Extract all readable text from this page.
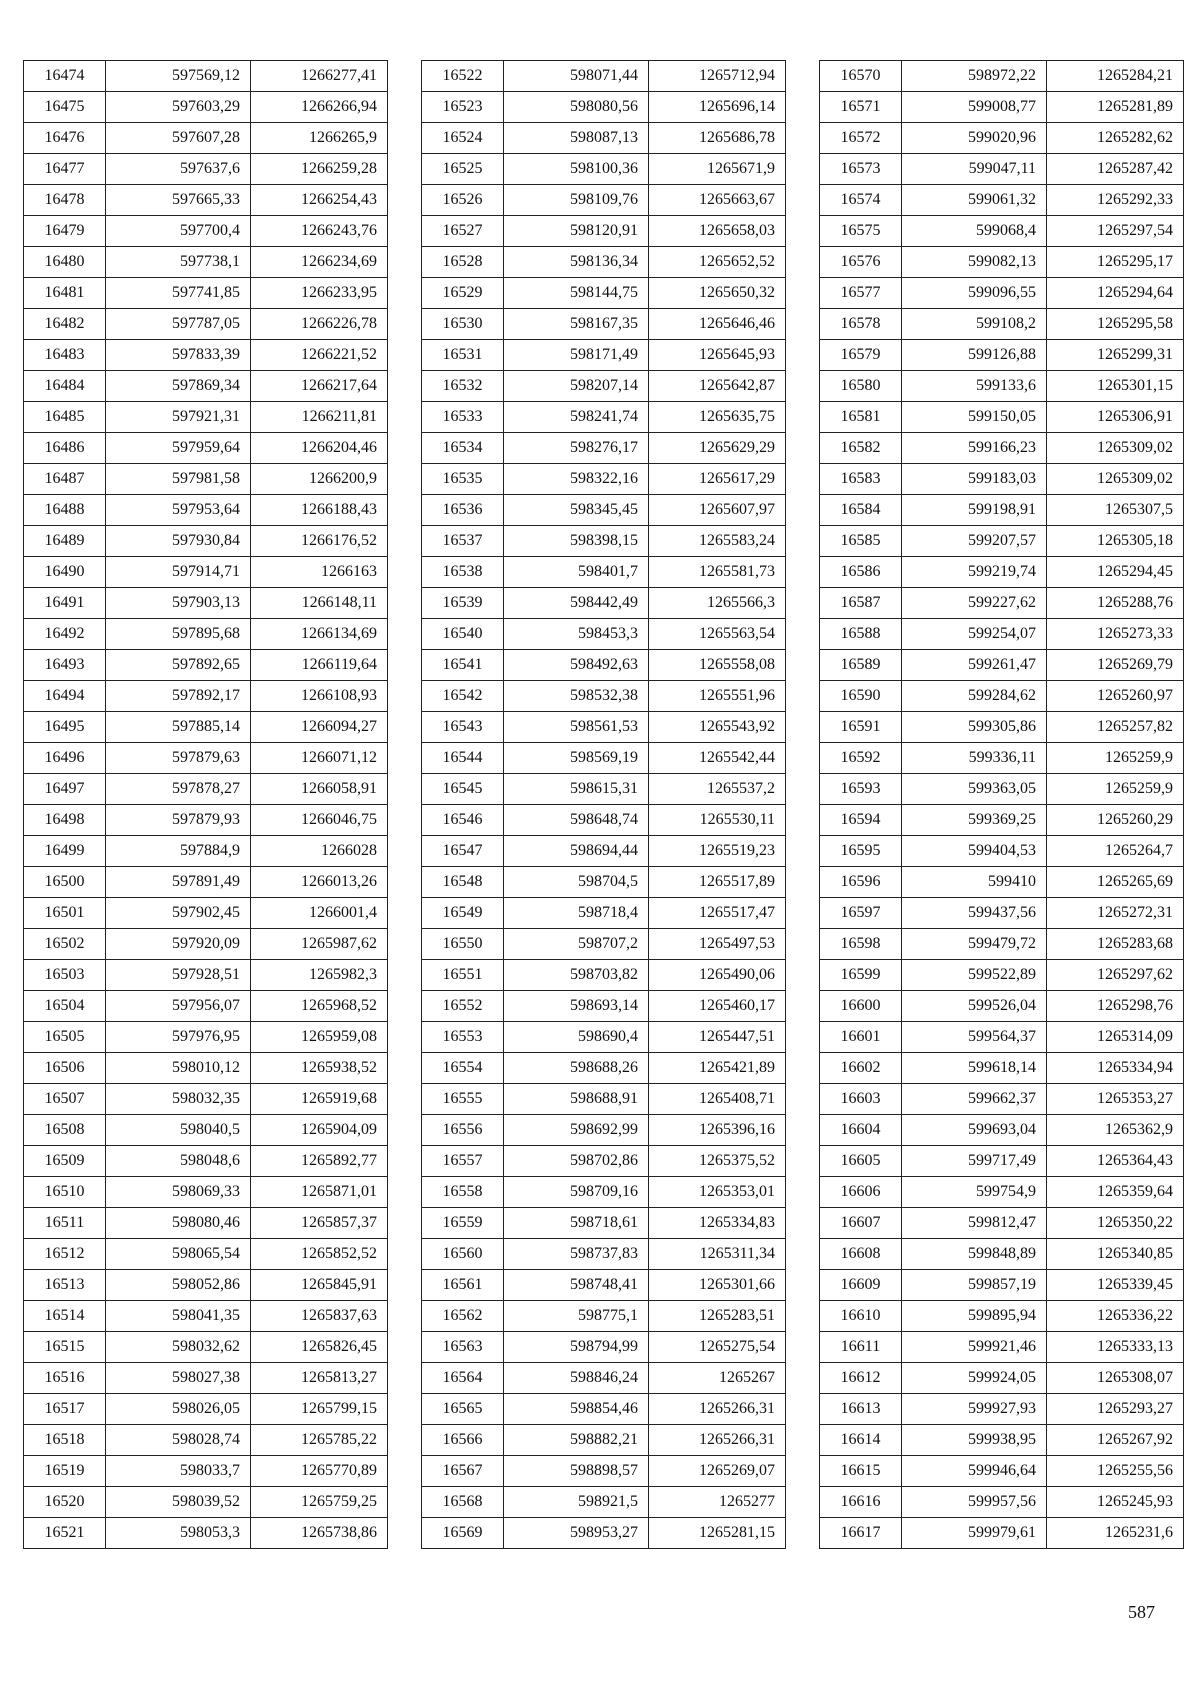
16474	597569,12	1266277,41
16475	597603,29	1266266,94
16476	597607,28	1266265,9
16477	597637,6	1266259,28
16478	597665,33	1266254,43
16479	597700,4	1266243,76
16480	597738,1	1266234,69
16481	597741,85	1266233,95
16482	597787,05	1266226,78
16483	597833,39	1266221,52
16484	597869,34	1266217,64
16485	597921,31	1266211,81
16486	597959,64	1266204,46
16487	597981,58	1266200,9
16488	597953,64	1266188,43
16489	597930,84	1266176,52
16490	597914,71	1266163
16491	597903,13	1266148,11
16492	597895,68	1266134,69
16493	597892,65	1266119,64
16494	597892,17	1266108,93
16495	597885,14	1266094,27
16496	597879,63	1266071,12
16497	597878,27	1266058,91
16498	597879,93	1266046,75
16499	597884,9	1266028
16500	597891,49	1266013,26
16501	597902,45	1266001,4
16502	597920,09	1265987,62
16503	597928,51	1265982,3
16504	597956,07	1265968,52
16505	597976,95	1265959,08
16506	598010,12	1265938,52
16507	598032,35	1265919,68
16508	598040,5	1265904,09
16509	598048,6	1265892,77
16510	598069,33	1265871,01
16511	598080,46	1265857,37
16512	598065,54	1265852,52
16513	598052,86	1265845,91
16514	598041,35	1265837,63
16515	598032,62	1265826,45
16516	598027,38	1265813,27
16517	598026,05	1265799,15
16518	598028,74	1265785,22
16519	598033,7	1265770,89
16520	598039,52	1265759,25
16521	598053,3	1265738,86
16522	598071,44	1265712,94
16523	598080,56	1265696,14
16524	598087,13	1265686,78
16525	598100,36	1265671,9
16526	598109,76	1265663,67
16527	598120,91	1265658,03
16528	598136,34	1265652,52
16529	598144,75	1265650,32
16530	598167,35	1265646,46
16531	598171,49	1265645,93
16532	598207,14	1265642,87
16533	598241,74	1265635,75
16534	598276,17	1265629,29
16535	598322,16	1265617,29
16536	598345,45	1265607,97
16537	598398,15	1265583,24
16538	598401,7	1265581,73
16539	598442,49	1265566,3
16540	598453,3	1265563,54
16541	598492,63	1265558,08
16542	598532,38	1265551,96
16543	598561,53	1265543,92
16544	598569,19	1265542,44
16545	598615,31	1265537,2
16546	598648,74	1265530,11
16547	598694,44	1265519,23
16548	598704,5	1265517,89
16549	598718,4	1265517,47
16550	598707,2	1265497,53
16551	598703,82	1265490,06
16552	598693,14	1265460,17
16553	598690,4	1265447,51
16554	598688,26	1265421,89
16555	598688,91	1265408,71
16556	598692,99	1265396,16
16557	598702,86	1265375,52
16558	598709,16	1265353,01
16559	598718,61	1265334,83
16560	598737,83	1265311,34
16561	598748,41	1265301,66
16562	598775,1	1265283,51
16563	598794,99	1265275,54
16564	598846,24	1265267
16565	598854,46	1265266,31
16566	598882,21	1265266,31
16567	598898,57	1265269,07
16568	598921,5	1265277
16569	598953,27	1265281,15
16570	598972,22	1265284,21
16571	599008,77	1265281,89
16572	599020,96	1265282,62
16573	599047,11	1265287,42
16574	599061,32	1265292,33
16575	599068,4	1265297,54
16576	599082,13	1265295,17
16577	599096,55	1265294,64
16578	599108,2	1265295,58
16579	599126,88	1265299,31
16580	599133,6	1265301,15
16581	599150,05	1265306,91
16582	599166,23	1265309,02
16583	599183,03	1265309,02
16584	599198,91	1265307,5
16585	599207,57	1265305,18
16586	599219,74	1265294,45
16587	599227,62	1265288,76
16588	599254,07	1265273,33
16589	599261,47	1265269,79
16590	599284,62	1265260,97
16591	599305,86	1265257,82
16592	599336,11	1265259,9
16593	599363,05	1265259,9
16594	599369,25	1265260,29
16595	599404,53	1265264,7
16596	599410	1265265,69
16597	599437,56	1265272,31
16598	599479,72	1265283,68
16599	599522,89	1265297,62
16600	599526,04	1265298,76
16601	599564,37	1265314,09
16602	599618,14	1265334,94
16603	599662,37	1265353,27
16604	599693,04	1265362,9
16605	599717,49	1265364,43
16606	599754,9	1265359,64
16607	599812,47	1265350,22
16608	599848,89	1265340,85
16609	599857,19	1265339,45
16610	599895,94	1265336,22
16611	599921,46	1265333,13
16612	599924,05	1265308,07
16613	599927,93	1265293,27
16614	599938,95	1265267,92
16615	599946,64	1265255,56
16616	599957,56	1265245,93
16617	599979,61	1265231,6
587
